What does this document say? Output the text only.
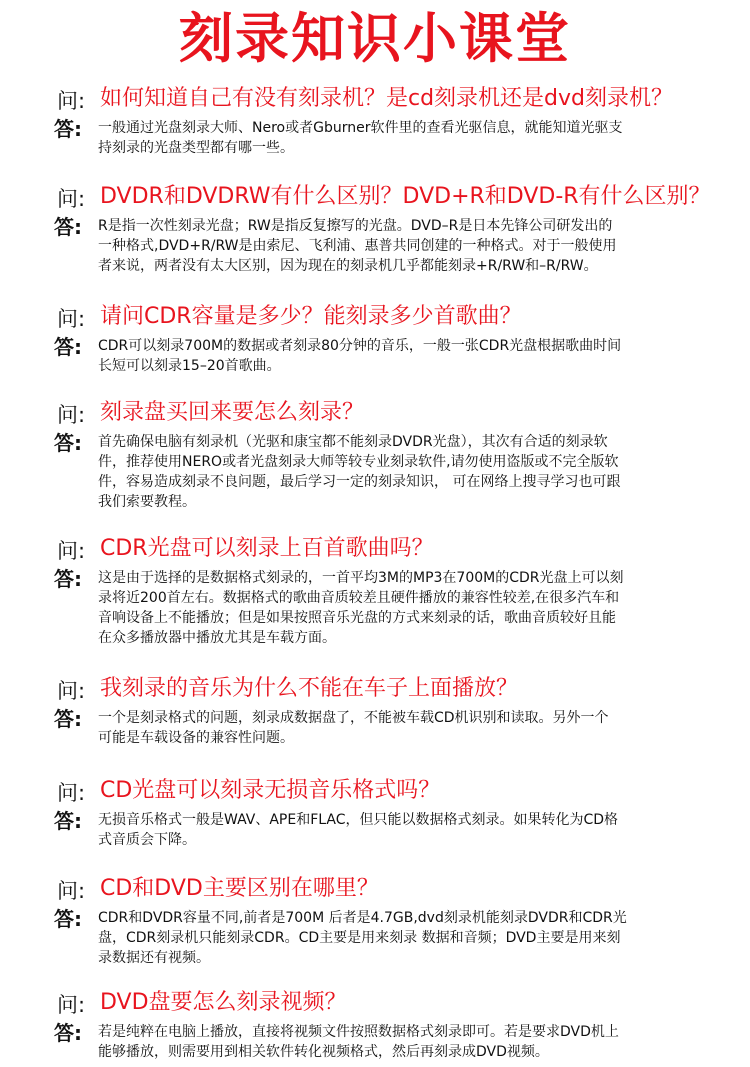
刻录知识小课堂
问: 如何知道自己有没有刻录机？是cd刻录机还是dvd刻录机？
答: 一般通过光盘刻录大师、Nero或者Gburner软件里的查看光驱信息，就能知道光驱支
持刻录的光盘类型都有哪一些。
问: DVDR和DVDRW有什么区别？DVD+R和DVD-R有什么区别？
答: R是指一次性刻录光盘；RW是指反复擦写的光盘。DVD–R是日本先锋公司研发出的
一种格式,DVD+R/RW是由索尼、飞利浦、惠普共同创建的一种格式。对于一般使用
者来说，两者没有太大区别，因为现在的刻录机几乎都能刻录+R/RW和–R/RW。
问: 请问CDR容量是多少？能刻录多少首歌曲？
答: CDR可以刻录700M的数据或者刻录80分钟的音乐，一般一张CDR光盘根据歌曲时间
长短可以刻录15–20首歌曲。
问: 刻录盘买回来要怎么刻录？
答: 首先确保电脑有刻录机（光驱和康宝都不能刻录DVDR光盘），其次有合适的刻录软
件，推荐使用NERO或者光盘刻录大师等较专业刻录软件,请勿使用盗版或不完全版软
件，容易造成刻录不良问题，最后学习一定的刻录知识， 可在网络上搜寻学习也可跟
我们索要教程。
问: CDR光盘可以刻录上百首歌曲吗？
答: 这是由于选择的是数据格式刻录的，一首平均3M的MP3在700M的CDR光盘上可以刻
录将近200首左右。数据格式的歌曲音质较差且硬件播放的兼容性较差,在很多汽车和
音响设备上不能播放；但是如果按照音乐光盘的方式来刻录的话，歌曲音质较好且能
在众多播放器中播放尤其是车载方面。
问: 我刻录的音乐为什么不能在车子上面播放？
答: 一个是刻录格式的问题，刻录成数据盘了，不能被车载CD机识别和读取。另外一个
可能是车载设备的兼容性问题。
问: CD光盘可以刻录无损音乐格式吗？
答: 无损音乐格式一般是WAV、APE和FLAC，但只能以数据格式刻录。如果转化为CD格
式音质会下降。
问: CD和DVD主要区别在哪里？
答: CDR和DVDR容量不同,前者是700M 后者是4.7GB,dvd刻录机能刻录DVDR和CDR光
盘，CDR刻录机只能刻录CDR。CD主要是用来刻录 数据和音频；DVD主要是用来刻
录数据还有视频。
问: DVD盘要怎么刻录视频？
答: 若是纯粹在电脑上播放，直接将视频文件按照数据格式刻录即可。若是要求DVD机上
能够播放，则需要用到相关软件转化视频格式，然后再刻录成DVD视频。
